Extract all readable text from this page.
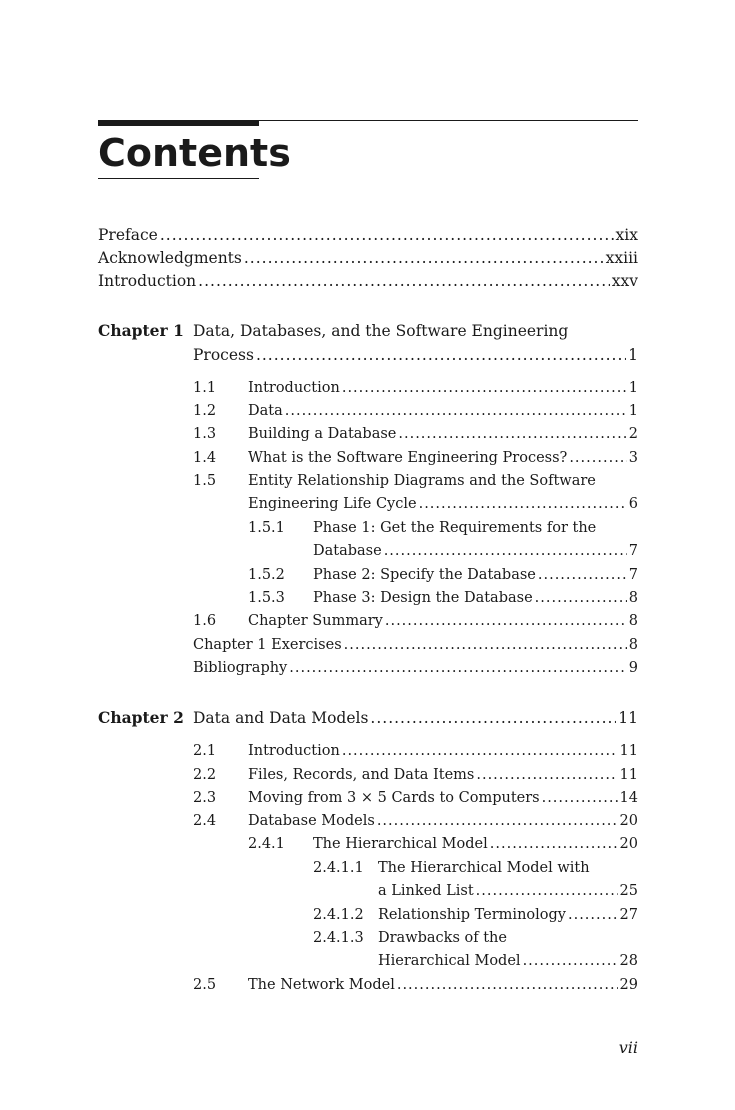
Contents
Preface .....	xix
Acknowledgments .....	xxiii
Introduction .....	xxv
Chapter 1 Data, Databases, and the Software Engineering
Process .....	1
1.1 Introduction .....	1
1.2 Data .....	1
1.3 Building a Database .....	2
1.4 What is the Software Engineering Process? .....	3
1.5 Entity Relationship Diagrams and the Software
Engineering Life Cycle .....	6
1.5.1 Phase 1: Get the Requirements for the
Database .....	7
1.5.2 Phase 2: Specify the Database .....	7
1.5.3 Phase 3: Design the Database .....	8
1.6 Chapter Summary .....	8
Chapter 1 Exercises .....	8
Bibliography .....	9
Chapter 2 Data and Data Models .....	11
2.1 Introduction .....	11
2.2 Files, Records, and Data Items .....	11
2.3 Moving from 3 × 5 Cards to Computers .....	14
2.4 Database Models .....	20
2.4.1 The Hierarchical Model .....	20
2.4.1.1 The Hierarchical Model with
a Linked List .....	25
2.4.1.2 Relationship Terminology .....	27
2.4.1.3 Drawbacks of the
Hierarchical Model .....	28
2.5 The Network Model .....	29
vii
